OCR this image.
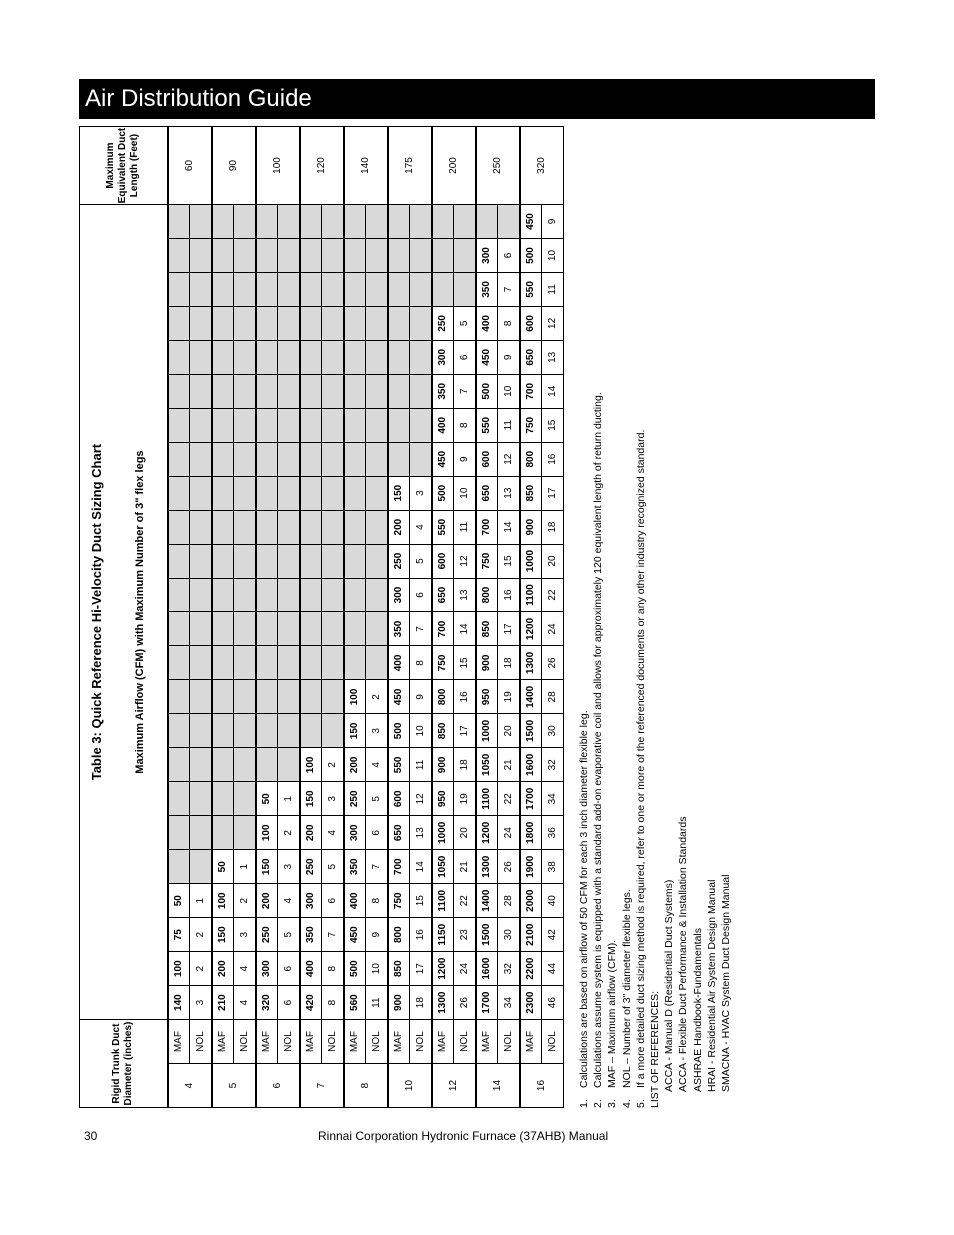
Air Distribution Guide
Rigid Trunk Duct Diameter (inches)		Table 3: Quick Reference Hi-Velocity Duct Sizing Chart																								Maximum Equivalent Duct Length (Feet)
		Maximum Airflow (CFM) with Maximum Number of 3" flex legs																								
4	MAF	140	100	75	50																					60
	NOL	3	2	2	1																					
5	MAF	210	200	150	100	50																				90
	NOL	4	4	3	2	1																				
6	MAF	320	300	250	200	150	100	50																		100
	NOL	6	6	5	4	3	2	1																		
7	MAF	420	400	350	300	250	200	150	100																	120
	NOL	8	8	7	6	5	4	3	2																	
8	MAF	560	500	450	400	350	300	250	200	150	100															140
	NOL	11	10	9	8	7	6	5	4	3	2															
10	MAF	900	850	800	750	700	650	600	550	500	450	400	350	300	250	200	150									175
	NOL	18	17	16	15	14	13	12	11	10	9	8	7	6	5	4	3									
12	MAF	1300	1200	1150	1100	1050	1000	950	900	850	800	750	700	650	600	550	500	450	400	350	300	250				200
	NOL	26	24	23	22	21	20	19	18	17	16	15	14	13	12	11	10	9	8	7	6	5				
14	MAF	1700	1600	1500	1400	1300	1200	1100	1050	1000	950	900	850	800	750	700	650	600	550	500	450	400	350	300		250
	NOL	34	32	30	28	26	24	22	21	20	19	18	17	16	15	14	13	12	11	10	9	8	7	6		
16	MAF	2300	2200	2100	2000	1900	1800	1700	1600	1500	1400	1300	1200	1100	1000	900	850	800	750	700	650	600	550	500	450	320
	NOL	46	44	42	40	38	36	34	32	30	28	26	24	22	20	18	17	16	15	14	13	12	11	10	9	
1.Calculations are based on airflow of 50 CFM for each 3 inch diameter flexible leg.
2.Calculations assume system is equipped with a standard add-on evaporative coil and allows for approximately 120 equivalent length of return ducting.
3.MAF – Maximum airflow (CFM).
4.NOL – Number of 3" diameter flexible legs.
5.If a more detailed duct sizing method is required, refer to one or more of the referenced documents or any other industry recognized standard. LIST OF REFERENCES: ACCA - Manual D (Residential Duct Systems) ACCA - Flexible Duct Performance & Installation Standards ASHRAE Handbook-Fundamentals HRAI - Residential Air System Design Manual SMACNA - HVAC System Duct Design Manual
30	Rinnai Corporation Hydronic Furnace (37AHB) Manual
